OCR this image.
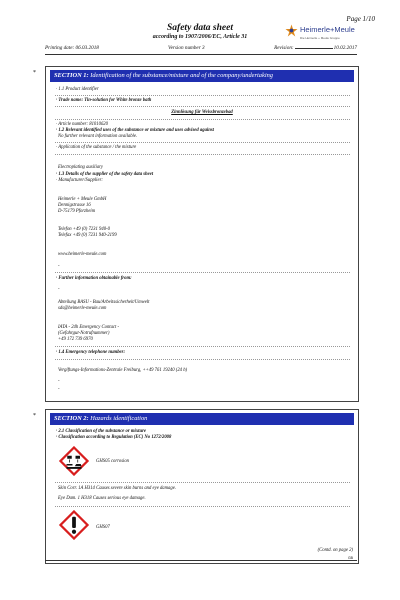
Page 1/10
Safety data sheet
according to 1907/2006/EC, Article 31
Heimerle+Meule
Die Heimerle + Meule Gruppe
Printing date: 06.03.2018	Version number 3	Revision:	10.02.2017
*	SECTION 1: Identification of the substance/mixture and of the company/undertaking
· 1.1 Product identifier
· Trade name: Tin-solution for White bronze bath
Zinnlösung für Weissbronzebad
· Article number: 81010620
· 1.2 Relevant identified uses of the substance or mixture and uses advised against
No further relevant information available.
· Application of the substance / the mixture
Electroplating auxiliary
· 1.3 Details of the supplier of the safety data sheet
· Manufacturer/Supplier:
Heimerle + Meule GmbH
Dennigstrasse 16
D-75179 Pforzheim
Telefon +49 (0) 7231 940-0
Telefax +49 (0) 7231 940-2199
www.heimerle-meule.com
-
· Further information obtainable from:
-
Abteilung BASU - Bau/Arbeitssicherheit/Umwelt
sds@heimerle-meule.com
IATA - 24h Emergency Contact -
(Gefahrgut-Notrufnummer)
+49 172 739 6970
· 1.4 Emergency telephone number:
Vergiftungs-Informations-Zentrale Freiburg, ++49 761 19240 (24 h)
-
-
*	SECTION 2: Hazards identification
· 2.1 Classification of the substance or mixture
· Classification according to Regulation (EC) No 1272/2008
GHS05 corrosion
Skin Corr. 1A H314 Causes severe skin burns and eye damage.
Eye Dam. 1 H318 Causes serious eye damage.
GHS07
(Contd. on page 2)
GB
